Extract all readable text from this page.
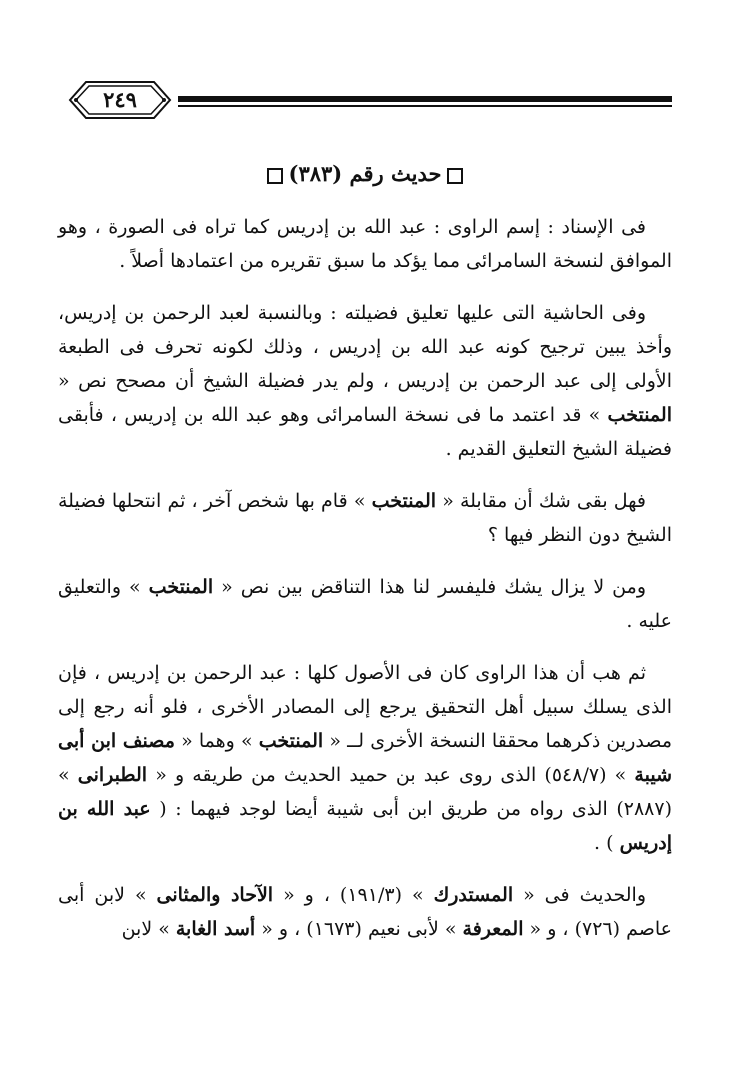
٢٤٩
حديث رقم (٣٨٣)

فى الإسناد : إسم الراوى : عبد الله بن إدريس كما تراه فى الصورة ، وهو الموافق لنسخة السامرائى مما يؤكد ما سبق تقريره من اعتمادها أصلاً .

وفى الحاشية التى عليها تعليق فضيلته : وبالنسبة لعبد الرحمن بن إدريس، وأخذ يبين ترجيح كونه عبد الله بن إدريس ، وذلك لكونه تحرف فى الطبعة الأولى إلى عبد الرحمن بن إدريس ، ولم يدر فضيلة الشيخ أن مصحح نص « المنتخب » قد اعتمد ما فى نسخة السامرائى وهو عبد الله بن إدريس ، فأبقى فضيلة الشيخ التعليق القديم .

فهل بقى شك أن مقابلة « المنتخب » قام بها شخص آخر ، ثم انتحلها فضيلة الشيخ دون النظر فيها ؟

ومن لا يزال يشك فليفسر لنا هذا التناقض بين نص « المنتخب » والتعليق عليه .

ثم هب أن هذا الراوى كان فى الأصول كلها : عبد الرحمن بن إدريس ، فإن الذى يسلك سبيل أهل التحقيق يرجع إلى المصادر الأخرى ، فلو أنه رجع إلى مصدرين ذكرهما محققا النسخة الأخرى لــ « المنتخب » وهما « مصنف ابن أبى شيبة » (٥٤٨/٧) الذى روى عبد بن حميد الحديث من طريقه و « الطبرانى » (٢٨٨٧) الذى رواه من طريق ابن أبى شيبة أيضا لوجد فيهما : ( عبد الله بن إدريس ) .

والحديث فى « المستدرك » (١٩١/٣) ، و « الآحاد والمثانى » لابن أبى عاصم (٧٢٦) ، و « المعرفة » لأبى نعيم (١٦٧٣) ، و « أسد الغابة » لابن
